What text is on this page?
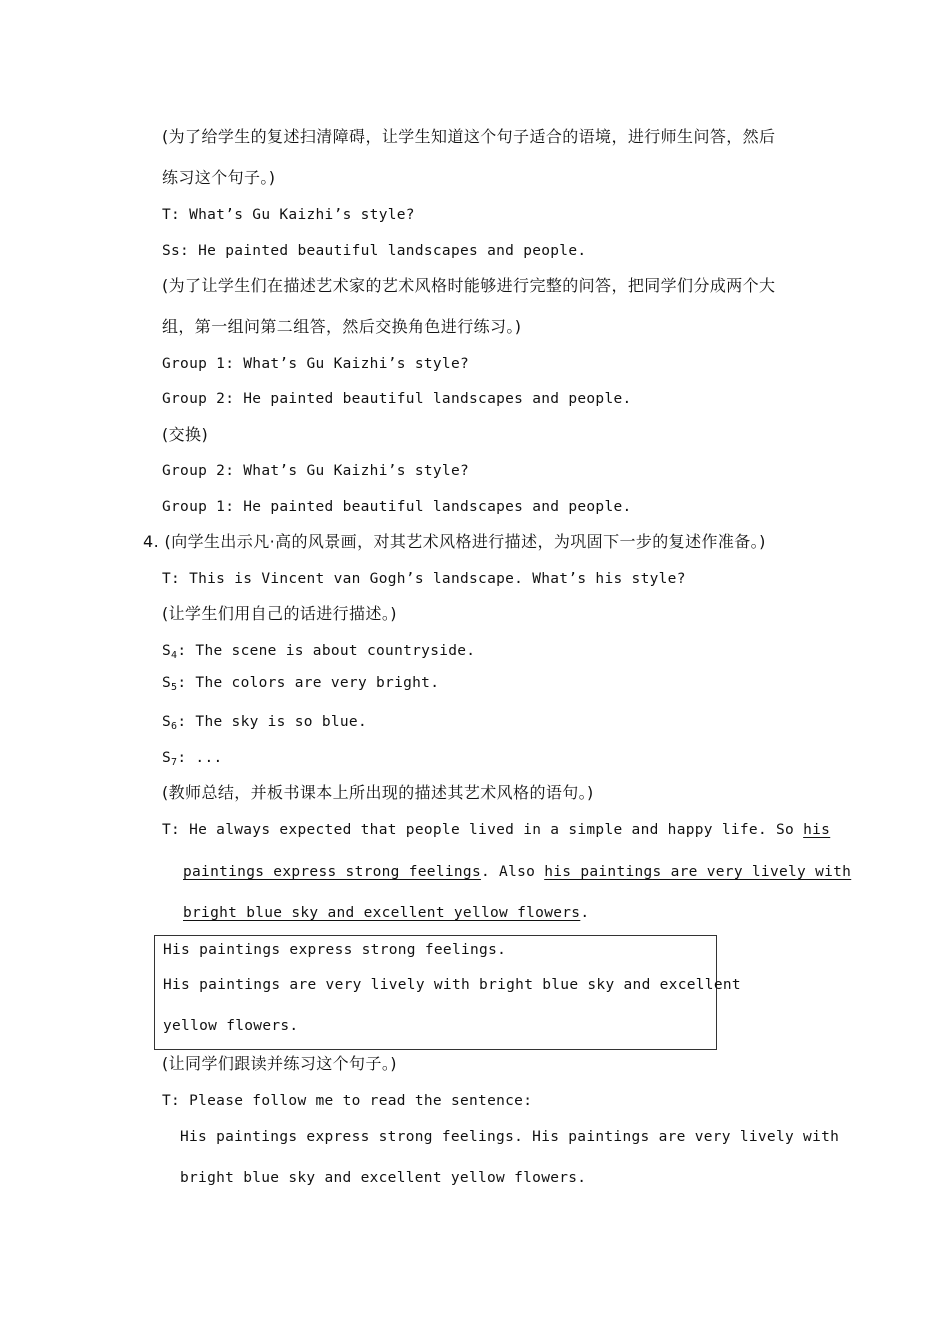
(为了给学生的复述扫清障碍，让学生知道这个句子适合的语境，进行师生问答，然后
练习这个句子。)
T: What’s Gu Kaizhi’s style?
Ss: He painted beautiful landscapes and people.
(为了让学生们在描述艺术家的艺术风格时能够进行完整的问答，把同学们分成两个大
组，第一组问第二组答，然后交换角色进行练习。)
Group 1: What’s Gu Kaizhi’s style?
Group 2: He painted beautiful landscapes and people.
(交换)
Group 2: What’s Gu Kaizhi’s style?
Group 1: He painted beautiful landscapes and people.
4. (向学生出示凡·高的风景画，对其艺术风格进行描述，为巩固下一步的复述作准备。)
T: This is Vincent van Gogh’s landscape. What’s his style?
(让学生们用自己的话进行描述。)
$S_4$: The scene is about countryside.
$S_5$: The colors are very bright.
$S_6$: The sky is so blue.
$S_7$: ...
(教师总结，并板书课本上所出现的描述其艺术风格的语句。)
T: He always expected that people lived in a simple and happy life. So his
paintings express strong feelings. Also his paintings are very lively with
bright blue sky and excellent yellow flowers.
His paintings express strong feelings.
His paintings are very lively with bright blue sky and excellent
yellow flowers.
(让同学们跟读并练习这个句子。)
T: Please follow me to read the sentence:
His paintings express strong feelings. His paintings are very lively with
bright blue sky and excellent yellow flowers.
